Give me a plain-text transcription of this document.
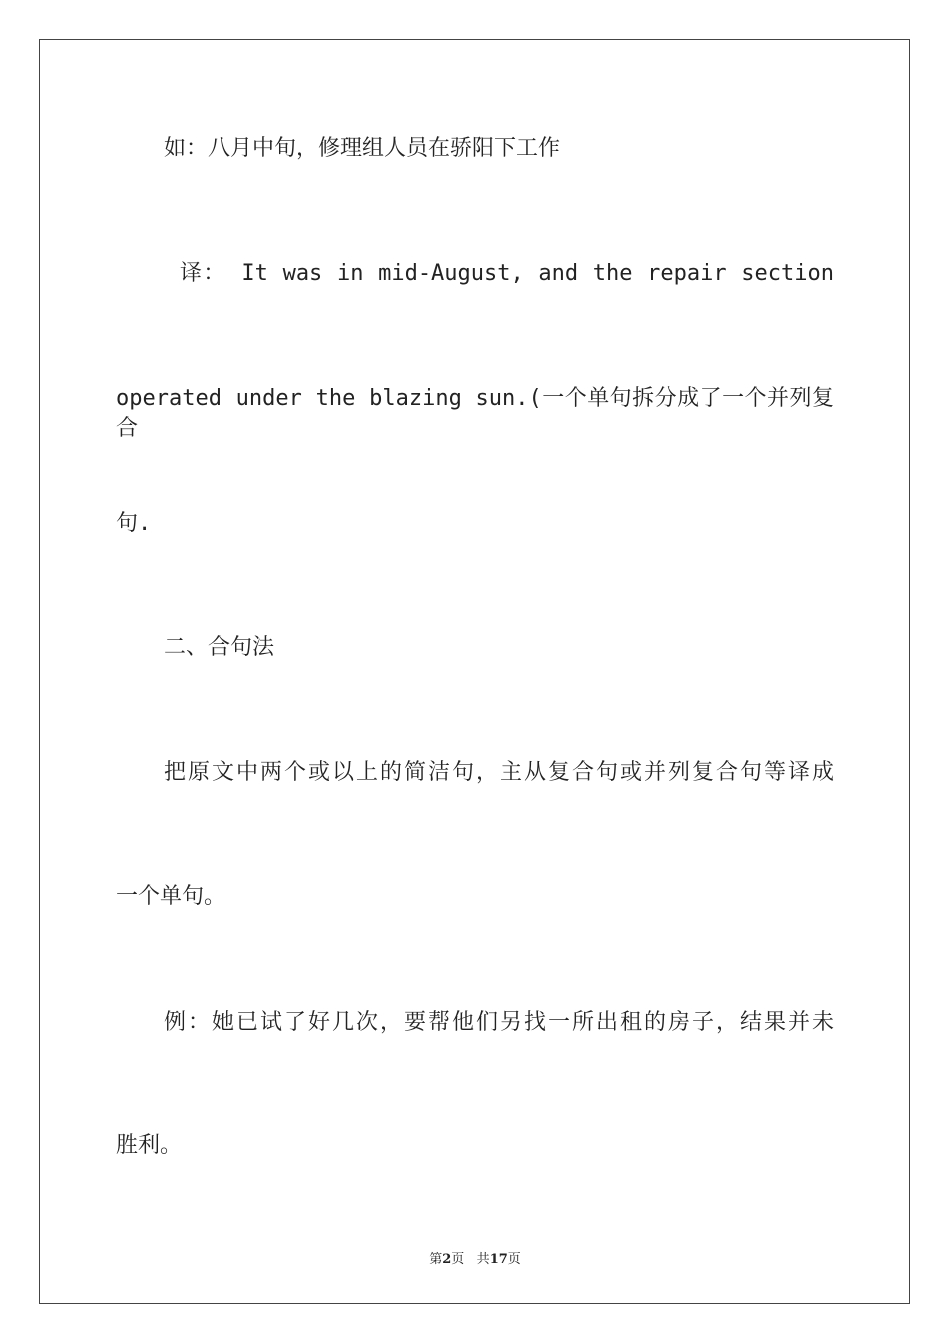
如：八月中旬，修理组人员在骄阳下工作
译： It was in mid-August, and the repair section
operated under the blazing sun.(一个单句拆分成了一个并列复合
句.
二、合句法
把原文中两个或以上的简洁句，主从复合句或并列复合句等译成
一个单句。
例：她已试了好几次，要帮他们另找一所出租的房子，结果并未
胜利。
第2页 共17页
